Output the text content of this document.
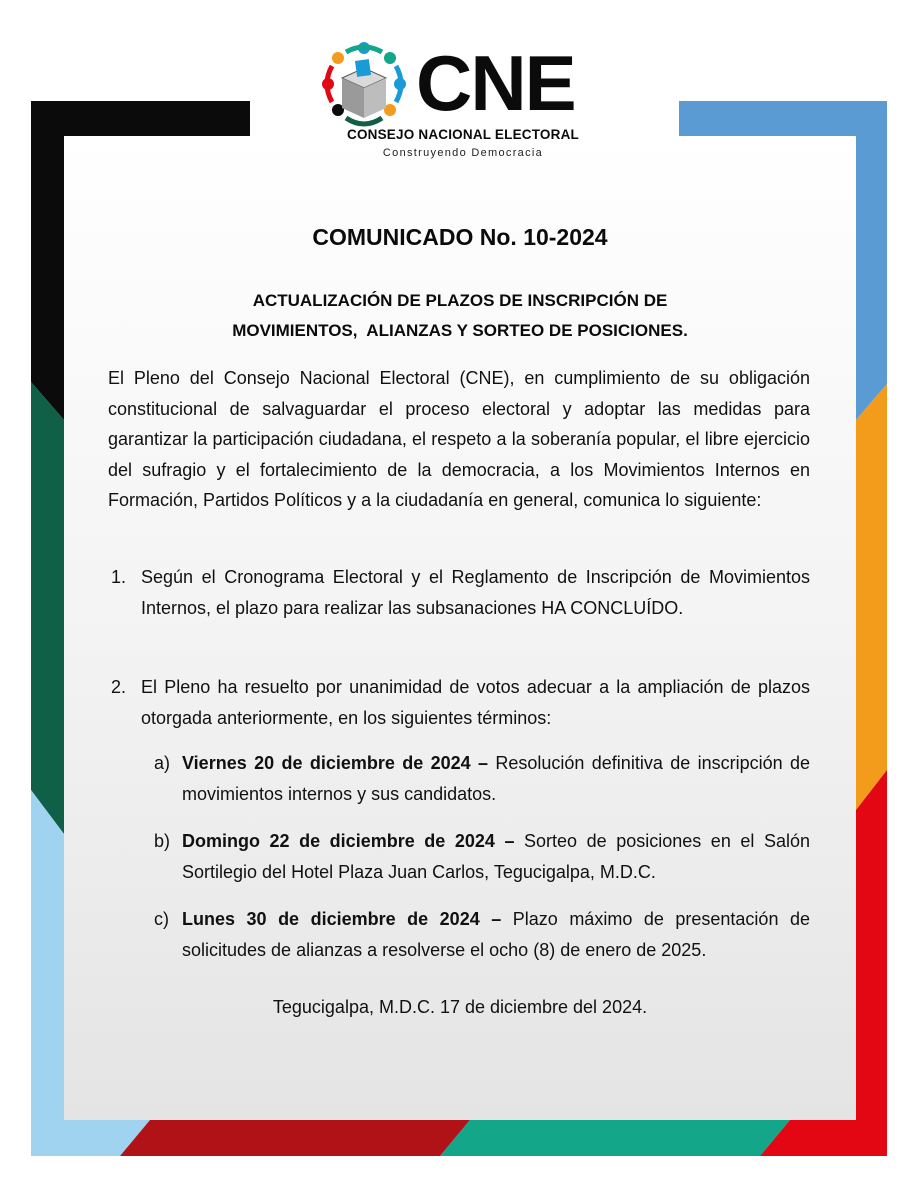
CNE
CONSEJO NACIONAL ELECTORAL
Construyendo Democracia
COMUNICADO No. 10-2024
ACTUALIZACIÓN DE PLAZOS DE INSCRIPCIÓN DE
MOVIMIENTOS,  ALIANZAS Y SORTEO DE POSICIONES.
El Pleno del Consejo Nacional Electoral (CNE), en cumplimiento de su obligación constitucional de salvaguardar el proceso electoral y adoptar las medidas para garantizar la participación ciudadana, el respeto a la soberanía popular, el libre ejercicio del sufragio y el fortalecimiento de la democracia, a los Movimientos Internos en Formación, Partidos Políticos y a la ciudadanía en general, comunica lo siguiente:
1. Según el Cronograma Electoral y el Reglamento de Inscripción de Movimientos Internos, el plazo para realizar las subsanaciones HA CONCLUÍDO.
2. El Pleno ha resuelto por unanimidad de votos adecuar a la ampliación de plazos otorgada anteriormente, en los siguientes términos:
a) Viernes 20 de diciembre de 2024 – Resolución definitiva de inscripción de movimientos internos y sus candidatos.
b) Domingo 22 de diciembre de 2024 – Sorteo de posiciones en el Salón Sortilegio del Hotel Plaza Juan Carlos, Tegucigalpa, M.D.C.
c) Lunes 30 de diciembre de 2024 – Plazo máximo de presentación de solicitudes de alianzas a resolverse el ocho (8) de enero de 2025.
Tegucigalpa, M.D.C. 17 de diciembre del 2024.
